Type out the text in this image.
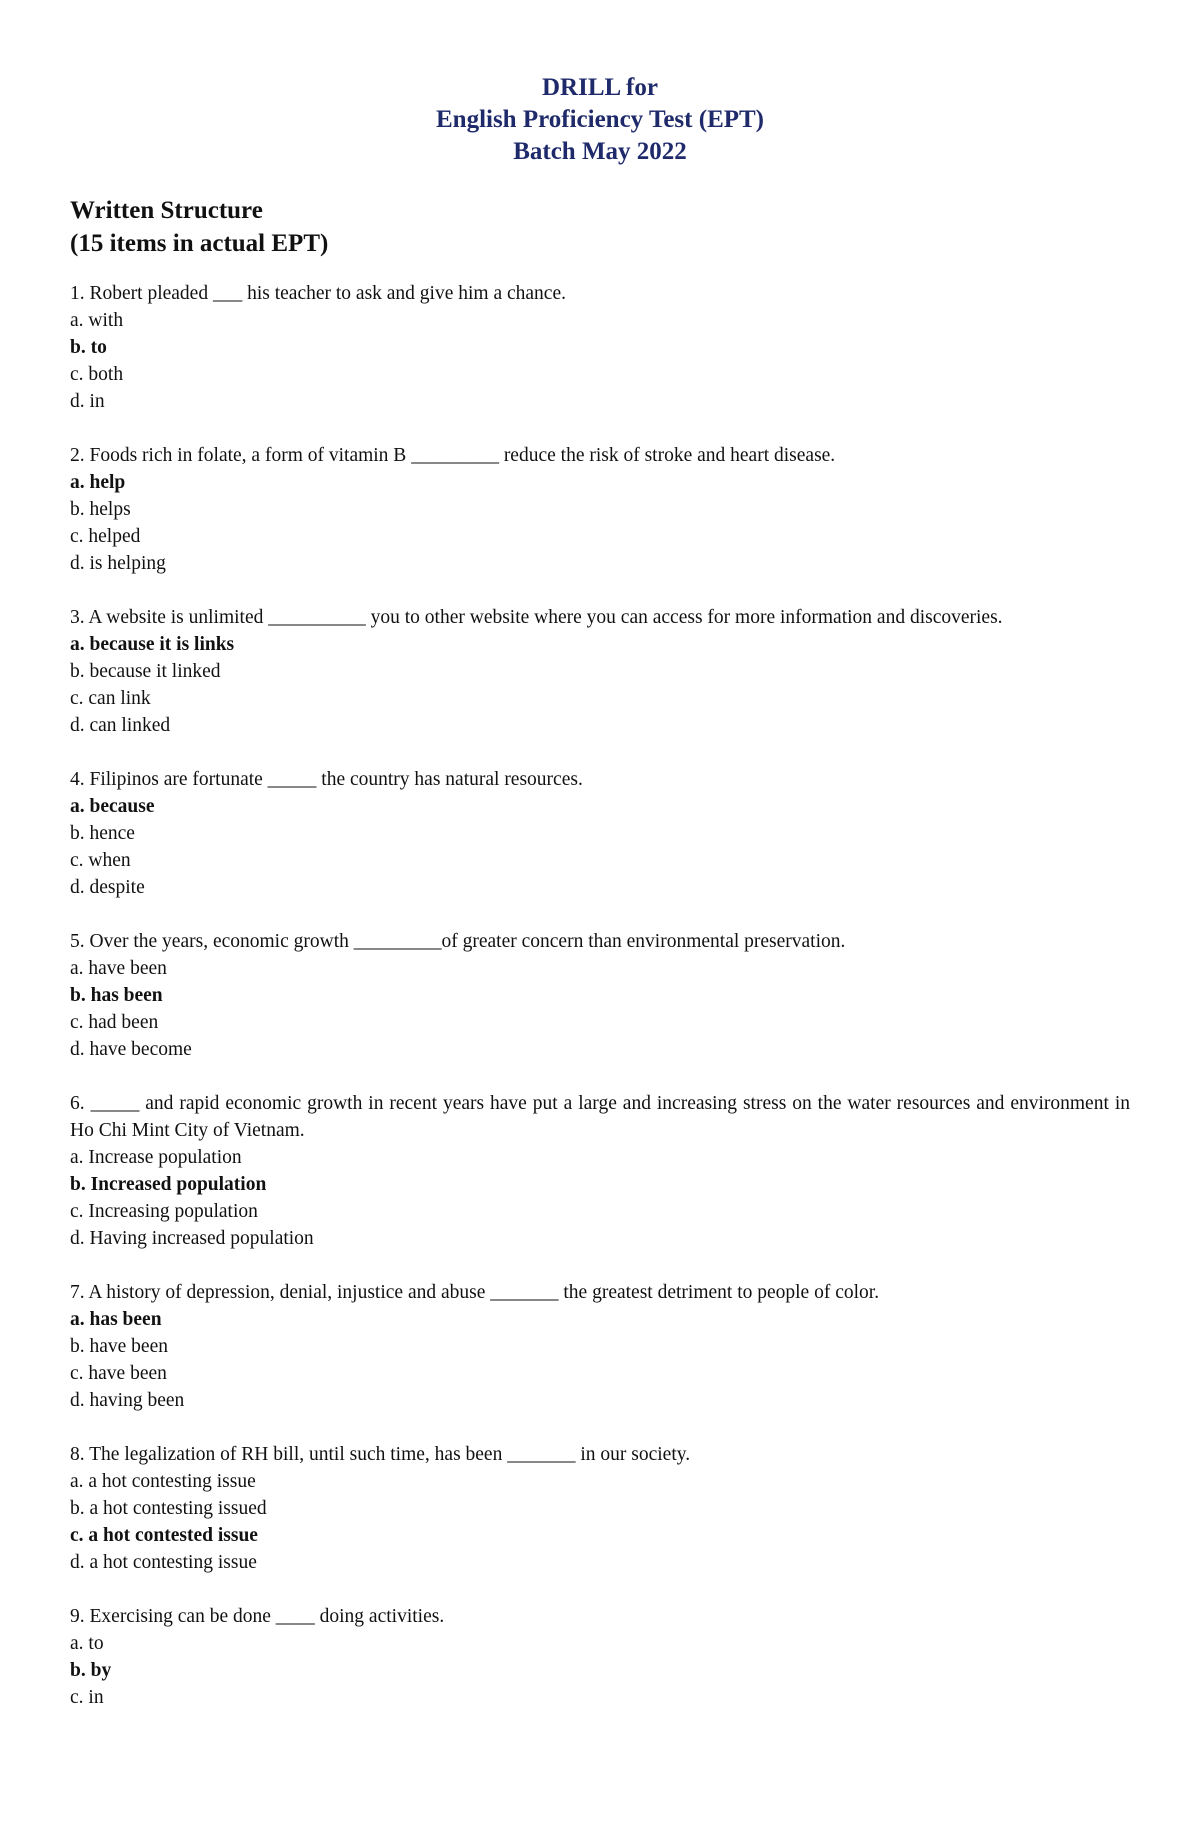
DRILL for
English Proficiency Test (EPT)
Batch May 2022
Written Structure
(15 items in actual EPT)
1. Robert pleaded ___ his teacher to ask and give him a chance.
a. with
b. to
c. both
d. in
2. Foods rich in folate, a form of vitamin B _________ reduce the risk of stroke and heart disease.
a. help
b. helps
c. helped
d. is helping
3. A website is unlimited __________ you to other website where you can access for more information and discoveries.
a. because it is links
b. because it linked
c. can link
d. can linked
4. Filipinos are fortunate _____ the country has natural resources.
a. because
b. hence
c. when
d. despite
5. Over the years, economic growth _________of greater concern than environmental preservation.
a. have been
b. has been
c. had been
d. have become
6. _____ and rapid economic growth in recent years have put a large and increasing stress on the water resources and environment in Ho Chi Mint City of Vietnam.
a. Increase population
b. Increased population
c. Increasing population
d. Having increased population
7. A history of depression, denial, injustice and abuse _______ the greatest detriment to people of color.
a. has been
b. have been
c. have been
d. having been
8. The legalization of RH bill, until such time, has been _______ in our society.
a. a hot contesting issue
b. a hot contesting issued
c. a hot contested issue
d. a hot contesting issue
9. Exercising can be done ____ doing activities.
a. to
b. by
c. in
